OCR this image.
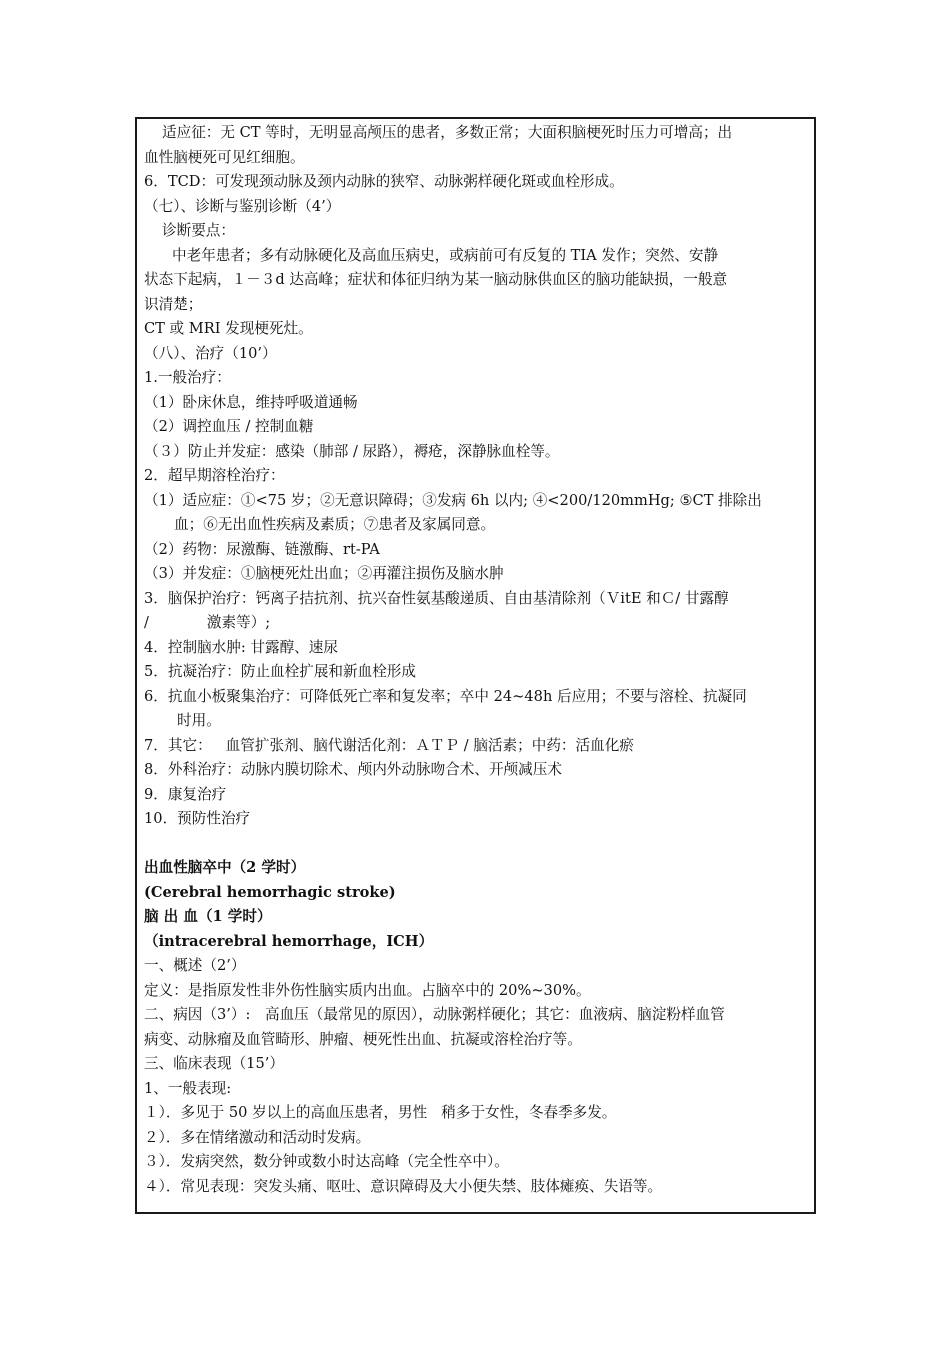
适应征：无 CT 等时，无明显高颅压的患者，多数正常；大面积脑梗死时压力可增高；出
血性脑梗死可见红细胞。
6．TCD：可发现颈动脉及颈内动脉的狭窄、动脉粥样硬化斑或血栓形成。
（七）、诊断与鉴别诊断（4’）
诊断要点：
中老年患者；多有动脉硬化及高血压病史，或病前可有反复的 TIA 发作；突然、安静
状态下起病，１－３d 达高峰；症状和体征归纳为某一脑动脉供血区的脑功能缺损，一般意
识清楚；
CT 或 MRI 发现梗死灶。
（八）、治疗（10’）
1.一般治疗：
（1）卧床休息，维持呼吸道通畅
（2）调控血压 / 控制血糖
（３）防止并发症：感染（肺部 / 尿路），褥疮，深静脉血栓等。
2．超早期溶栓治疗：
（1）适应症：①<75 岁；②无意识障碍；③发病 6h 以内; ④<200/120mmHg; ⑤CT 排除出
血；⑥无出血性疾病及素质；⑦患者及家属同意。
（2）药物：尿激酶、链激酶、rt-PA
（3）并发症：①脑梗死灶出血；②再灌注损伤及脑水肿
3．脑保护治疗：钙离子拮抗剂、抗兴奋性氨基酸递质、自由基清除剂（ＶitE 和Ｃ/ 甘露醇
/	激素等）;
4．控制脑水肿: 甘露醇、速尿
5．抗凝治疗：防止血栓扩展和新血栓形成
6．抗血小板聚集治疗：可降低死亡率和复发率；卒中 24~48h 后应用；不要与溶栓、抗凝同
时用。
7．其它： 血管扩张剂、脑代谢活化剂：ＡＴＰ / 脑活素；中药：活血化瘀
8．外科治疗：动脉内膜切除术、颅内外动脉吻合术、开颅减压术
9．康复治疗
10．预防性治疗
出血性脑卒中（2 学时）
(Cerebral hemorrhagic stroke)
脑 出 血（1 学时）
（intracerebral hemorrhage，ICH）
一、概述（2’）
定义：是指原发性非外伤性脑实质内出血。占脑卒中的 20%~30%。
二、病因（3’）:　高血压（最常见的原因），动脉粥样硬化；其它：血液病、脑淀粉样血管
病变、动脉瘤及血管畸形、肿瘤、梗死性出血、抗凝或溶栓治疗等。
三、临床表现（15’）
1、一般表现:
１）．多见于 50 岁以上的高血压患者，男性 稍多于女性，冬春季多发。
２）．多在情绪激动和活动时发病。
３）．发病突然，数分钟或数小时达高峰（完全性卒中）。
４）．常见表现：突发头痛、呕吐、意识障碍及大小便失禁、肢体瘫痪、失语等。
